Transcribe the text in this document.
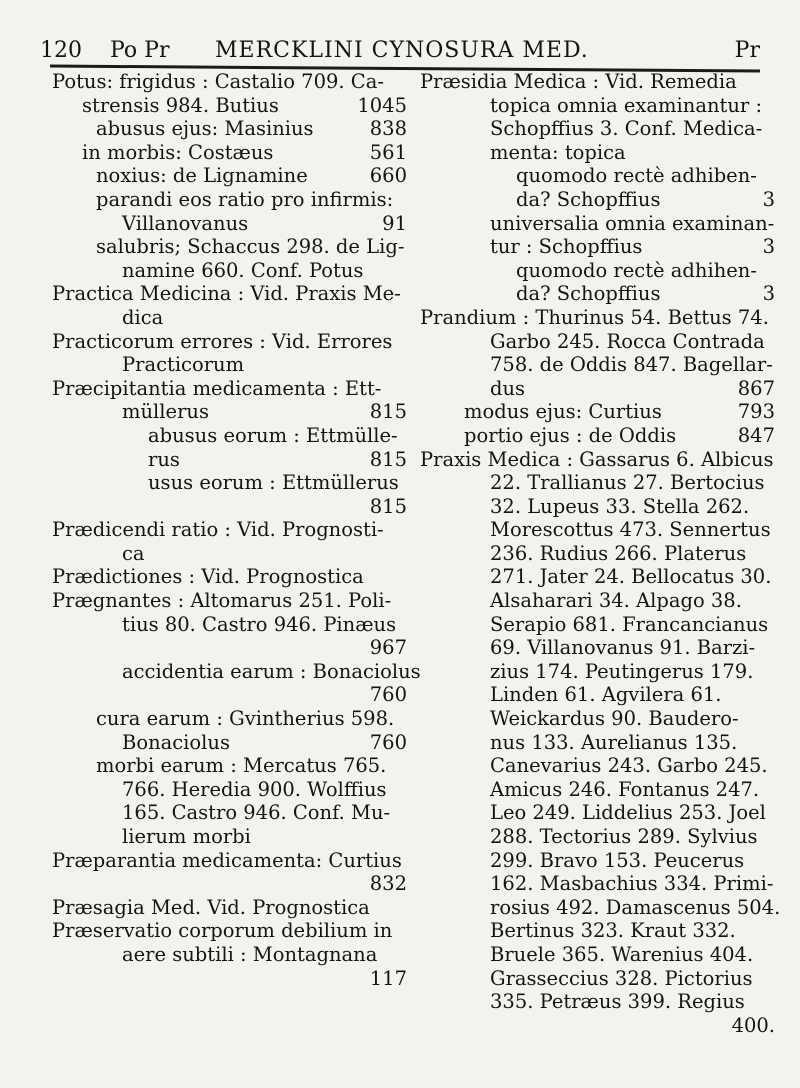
120 Po Pr MERCKLINI CYNOSURA MED.	Pr
Potus: frigidus : Castalio 709. Ca-
strensis 984. Butius	1045
abusus ejus: Masinius	838
in morbis: Costæus	561
noxius: de Lignamine	660
parandi eos ratio pro infirmis:
Villanovanus	91
salubris; Schaccus 298. de Lig-
namine 660. Conf. Potus
Practica Medicina : Vid. Praxis Me-
dica
Practicorum errores : Vid. Errores
Practicorum
Præcipitantia medicamenta : Ett-
müllerus	815
abusus eorum : Ettmülle-
rus	815
usus eorum : Ettmüllerus
815
Prædicendi ratio : Vid. Prognosti-
ca
Prædictiones : Vid. Prognostica
Prægnantes : Altomarus 251. Poli-
tius 80. Castro 946. Pinæus
967
accidentia earum : Bonaciolus
760
cura earum : Gvintherius 598.
Bonaciolus	760
morbi earum : Mercatus 765.
766. Heredia 900. Wolffius
165. Castro 946. Conf. Mu-
lierum morbi
Præparantia medicamenta: Curtius
832
Præsagia Med. Vid. Prognostica
Præservatio corporum debilium in
aere subtili : Montagnana
117
Præsidia Medica : Vid. Remedia
topica omnia examinantur :
Schopffius 3. Conf. Medica-
menta: topica
quomodo rectè adhiben-
da? Schopffius	3
universalia omnia examinan-
tur : Schopffius	3
quomodo rectè adhihen-
da? Schopffius	3
Prandium : Thurinus 54. Bettus 74.
Garbo 245. Rocca Contrada
758. de Oddis 847. Bagellar-
dus	867
modus ejus: Curtius	793
portio ejus : de Oddis	847
Praxis Medica : Gassarus 6. Albicus
22. Trallianus 27. Bertocius
32. Lupeus 33. Stella 262.
Morescottus 473. Sennertus
236. Rudius 266. Platerus
271. Jater 24. Bellocatus 30.
Alsaharari 34. Alpago 38.
Serapio 681. Francancianus
69. Villanovanus 91. Barzi-
zius 174. Peutingerus 179.
Linden 61. Agvilera 61.
Weickardus 90. Baudero-
nus 133. Aurelianus 135.
Canevarius 243. Garbo 245.
Amicus 246. Fontanus 247.
Leo 249. Liddelius 253. Joel
288. Tectorius 289. Sylvius
299. Bravo 153. Peucerus
162. Masbachius 334. Primi-
rosius 492. Damascenus 504.
Bertinus 323. Kraut 332.
Bruele 365. Warenius 404.
Grasseccius 328. Pictorius
335. Petræus 399. Regius
400.
